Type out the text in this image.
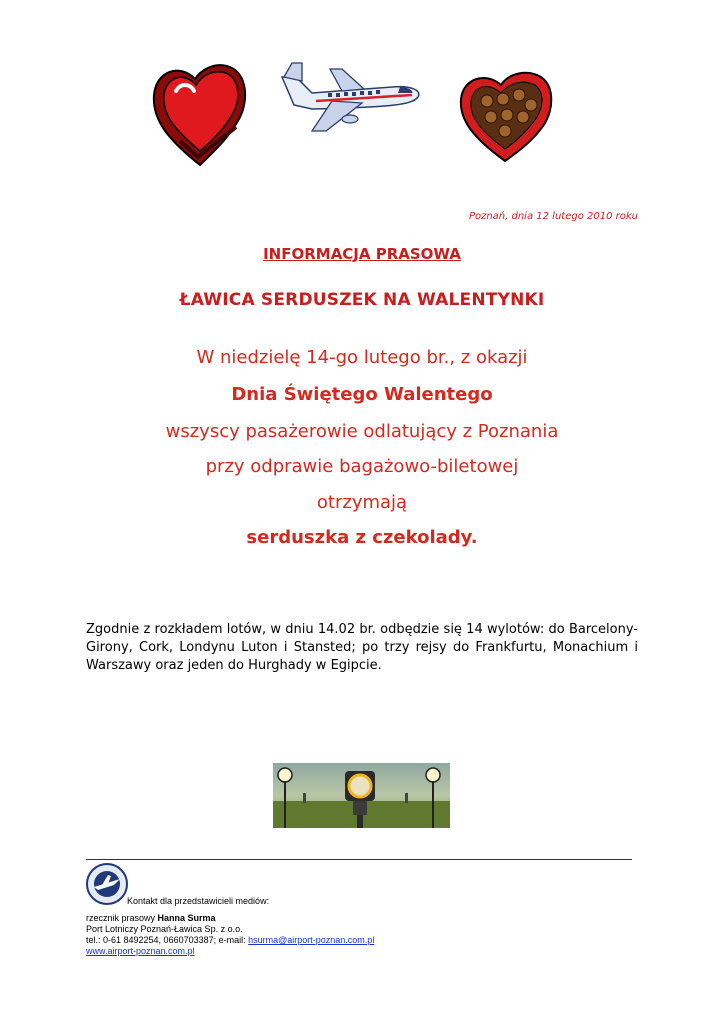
Poznań, dnia 12 lutego 2010 roku
INFORMACJA PRASOWA
ŁAWICA SERDUSZEK NA WALENTYNKI
W niedzielę 14-go lutego br., z okazji
Dnia Świętego Walentego
wszyscy pasażerowie odlatujący z Poznania
przy odprawie bagażowo-biletowej
otrzymają
serduszka z czekolady.
Zgodnie z rozkładem lotów, w dniu 14.02 br. odbędzie się 14 wylotów: do Barcelony-Girony, Cork, Londynu Luton i Stansted; po trzy rejsy do Frankfurtu, Monachium i Warszawy oraz jeden do Hurghady w Egipcie.
Kontakt dla przedstawicieli mediów:
rzecznik prasowy Hanna Surma
Port Lotniczy Poznań-Ławica Sp. z o.o.
tel.: 0-61 8492254, 0660703387; e-mail: hsurma@airport-poznan.com.pl
www.airport-poznan.com.pl
